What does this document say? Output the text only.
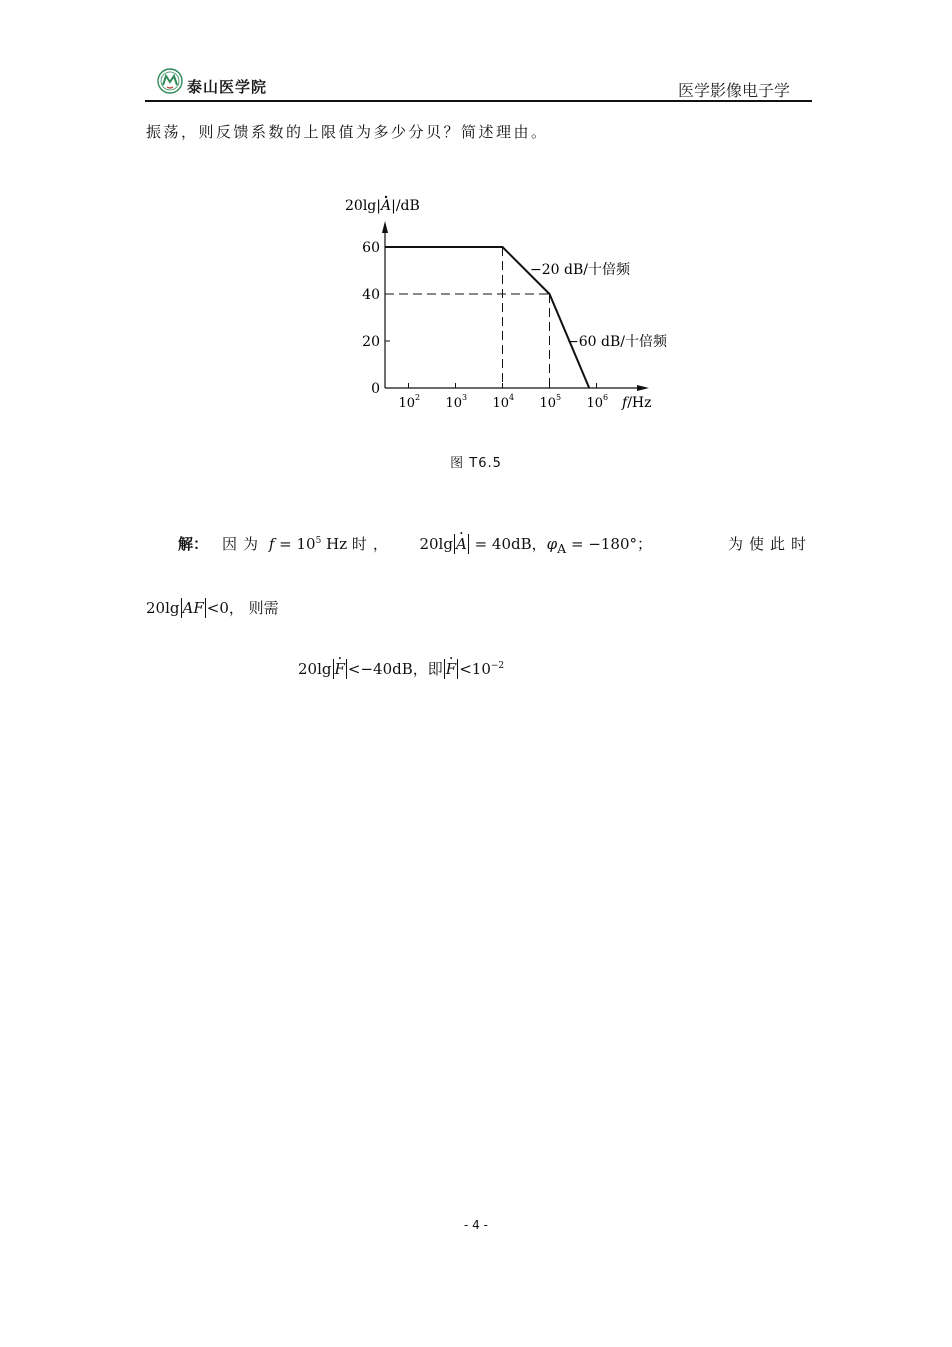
泰山医学院	医学影像电子学
振荡，则反馈系数的上限值为多少分贝？简述理由。
20lg|A|/dB
0
20
40
60
$10^2$ $10^3$ $10^4$ $10^5$ $10^6$ f/Hz
−20 dB/十倍频
−60 dB/十倍频
图 T6.5
解： 因为 $f = 10^5$ Hz 时， 20lg · A = 40dB，$\varphi_A = -180^\circ$；	为使此时
20lg AF <0， 则需
20lg · F <−40dB，即 · $F <10^{-2}$
- 4 -
